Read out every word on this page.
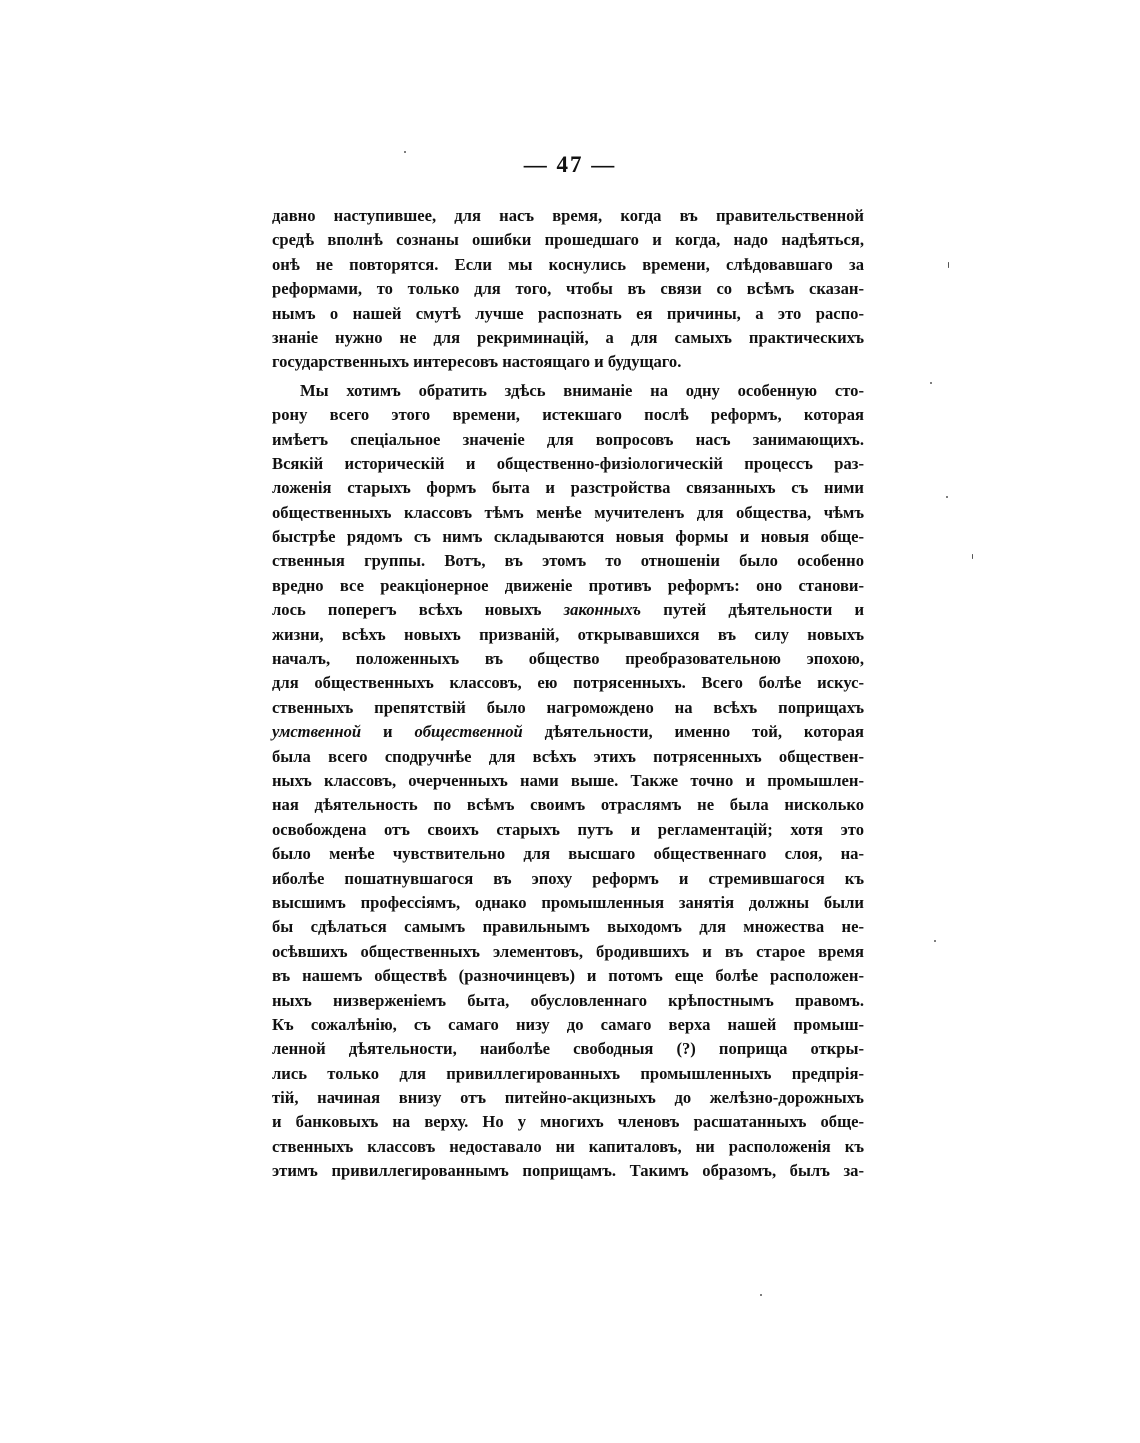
— 47 —
давно наступившее, для насъ время, когда въ правительственной
средѣ вполнѣ сознаны ошибки прошедшаго и когда, надо надѣяться,
онѣ не повторятся. Если мы коснулись времени, слѣдовавшаго за
реформами, то только для того, чтобы въ связи со всѣмъ сказан-
нымъ о нашей смутѣ лучше распознать ея причины, а это распо-
знаніе нужно не для рекриминацій, а для самыхъ практическихъ
государственныхъ интересовъ настоящаго и будущаго.
Мы хотимъ обратить здѣсь вниманіе на одну особенную сто-
рону всего этого времени, истекшаго послѣ реформъ, которая
имѣетъ спеціальное значеніе для вопросовъ насъ занимающихъ.
Всякій историческій и общественно-физіологическій процессъ раз-
ложенія старыхъ формъ быта и разстройства связанныхъ съ ними
общественныхъ классовъ тѣмъ менѣе мучителенъ для общества, чѣмъ
быстрѣе рядомъ съ нимъ складываются новыя формы и новыя обще-
ственныя группы. Вотъ, въ этомъ то отношеніи было особенно
вредно все реакціонерное движеніе противъ реформъ: оно станови-
лось поперегъ всѣхъ новыхъ законныхъ путей дѣятельности и
жизни, всѣхъ новыхъ призваній, открывавшихся въ силу новыхъ
началъ, положенныхъ въ общество преобразовательною эпохою,
для общественныхъ классовъ, ею потрясенныхъ. Всего болѣе искус-
ственныхъ препятствій было нагромождено на всѣхъ поприщахъ
умственной и общественной дѣятельности, именно той, которая
была всего сподручнѣе для всѣхъ этихъ потрясенныхъ обществен-
ныхъ классовъ, очерченныхъ нами выше. Также точно и промышлен-
ная дѣятельность по всѣмъ своимъ отраслямъ не была нисколько
освобождена отъ своихъ старыхъ путъ и регламентацій; хотя это
было менѣе чувствительно для высшаго общественнаго слоя, на-
иболѣе пошатнувшагося въ эпоху реформъ и стремившагося къ
высшимъ профессіямъ, однако промышленныя занятія должны были
бы сдѣлаться самымъ правильнымъ выходомъ для множества не-
осѣвшихъ общественныхъ элементовъ, бродившихъ и въ старое время
въ нашемъ обществѣ (разночинцевъ) и потомъ еще болѣе расположен-
ныхъ низверженіемъ быта, обусловленнаго крѣпостнымъ правомъ.
Къ сожалѣнію, съ самаго низу до самаго верха нашей промыш-
ленной дѣятельности, наиболѣе свободныя (?) поприща откры-
лись только для привиллегированныхъ промышленныхъ предпрія-
тій, начиная внизу отъ питейно-акцизныхъ до желѣзно-дорожныхъ
и банковыхъ на верху. Но у многихъ членовъ расшатанныхъ обще-
ственныхъ классовъ недоставало ни капиталовъ, ни расположенія къ
этимъ привиллегированнымъ поприщамъ. Такимъ образомъ, былъ за-
